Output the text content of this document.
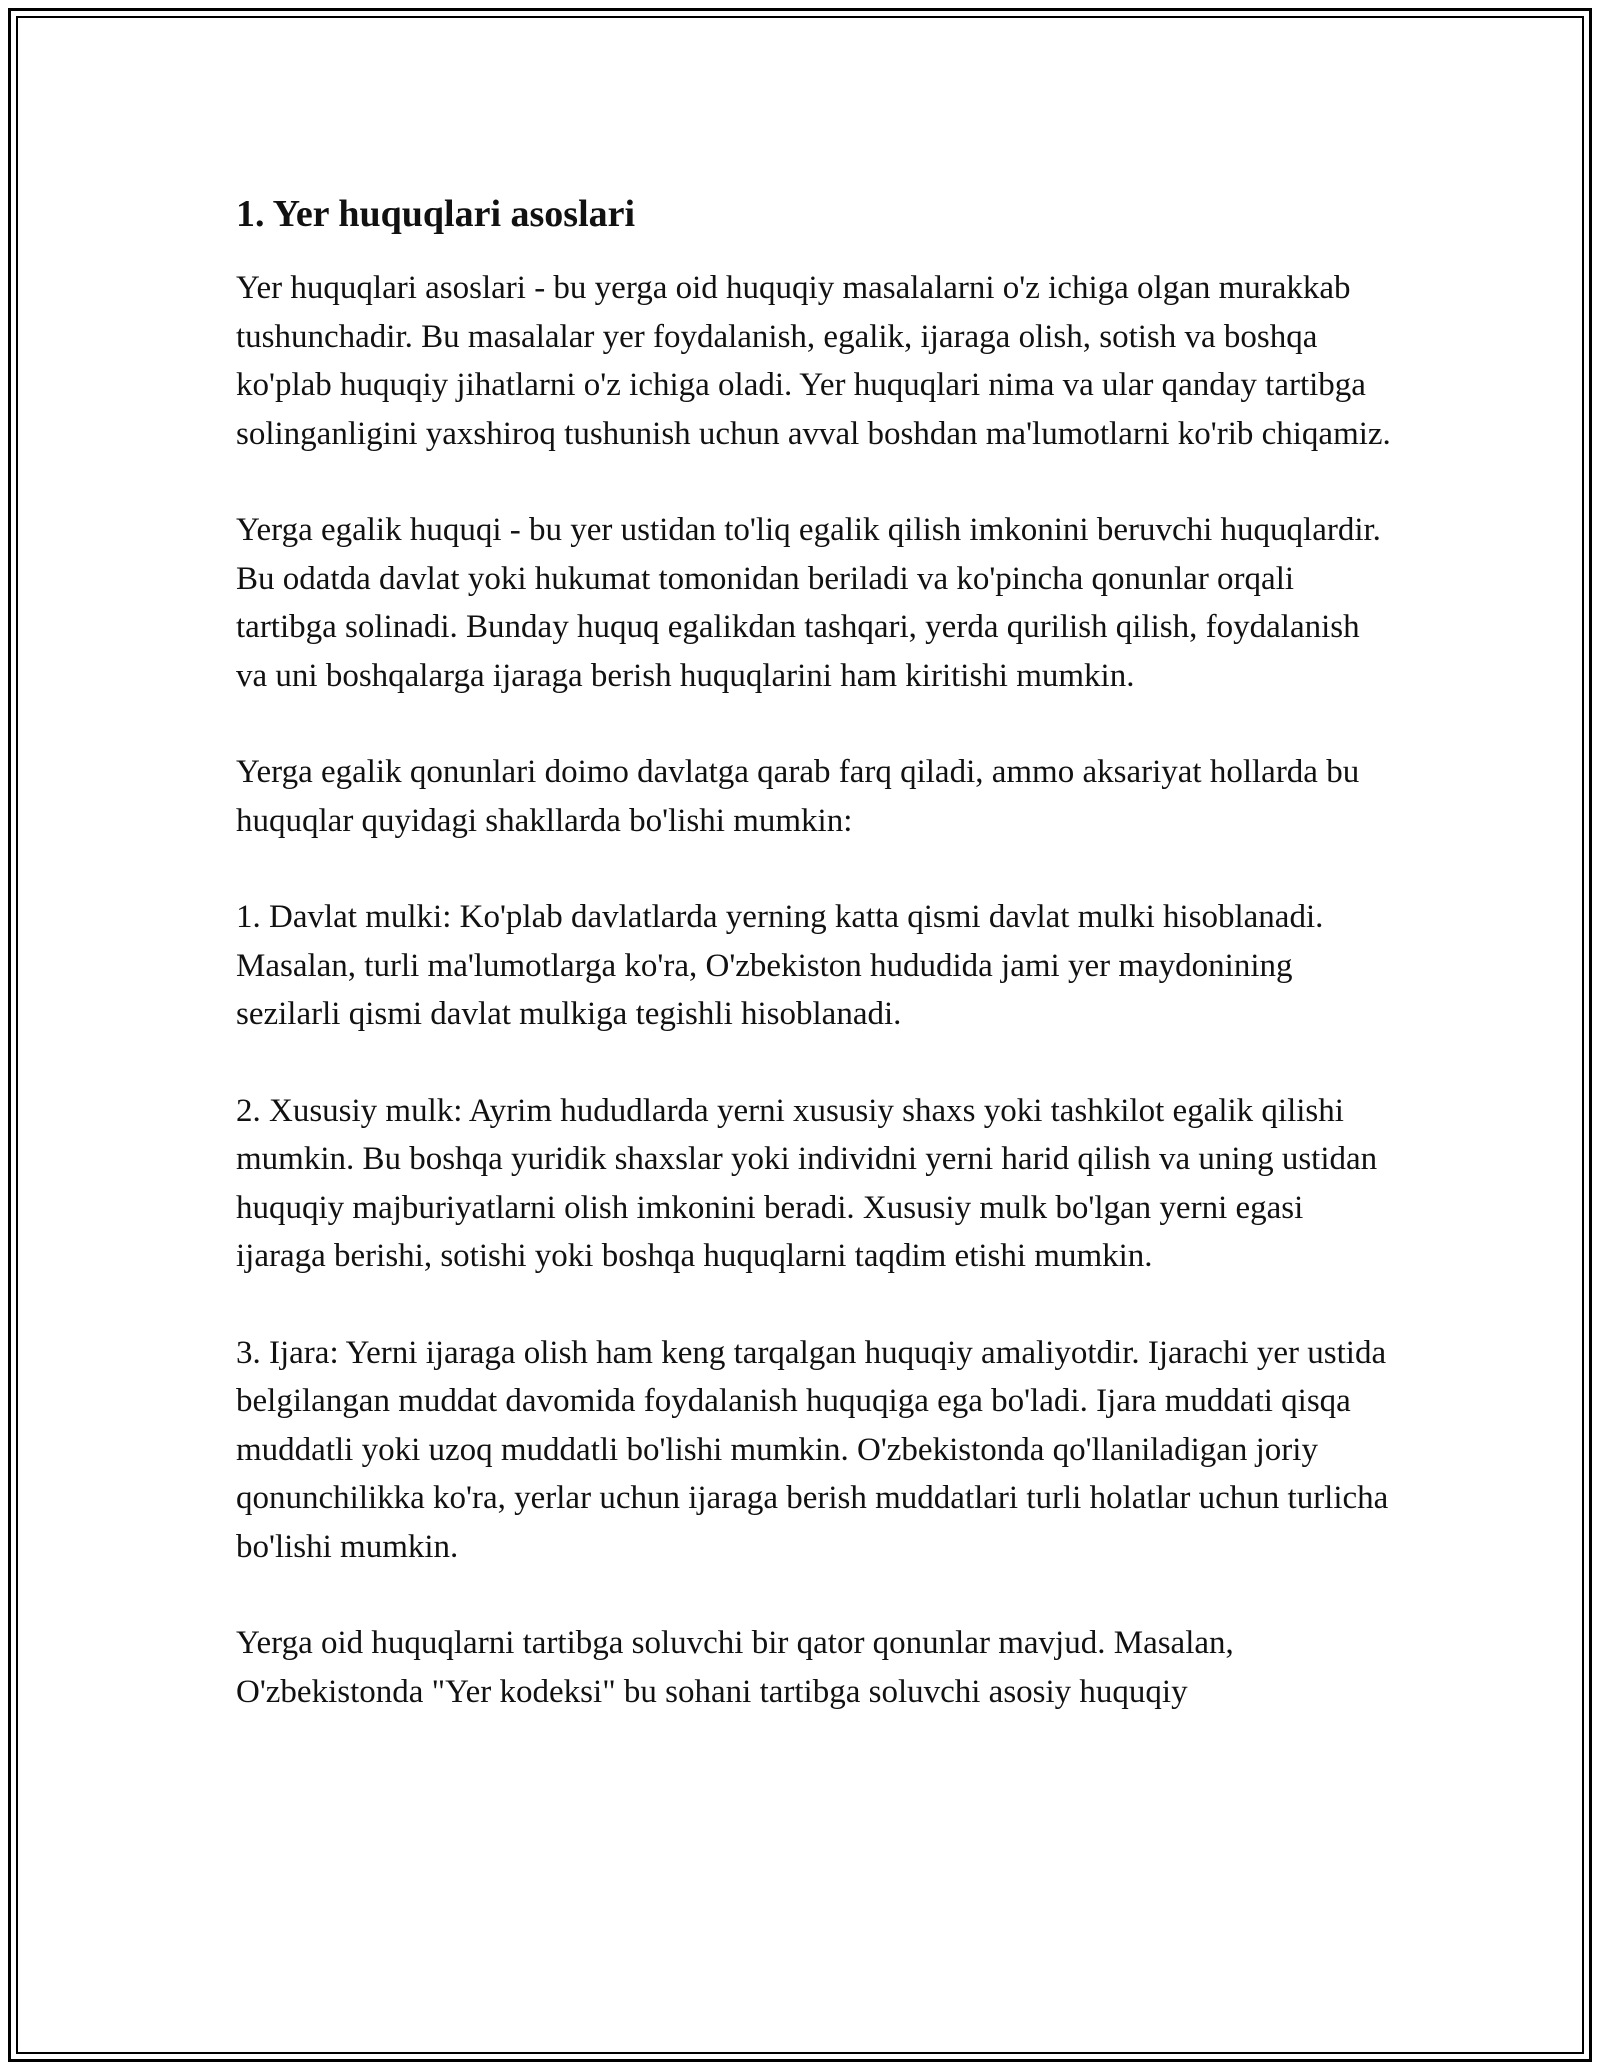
1. Yer huquqlari asoslari

Yer huquqlari asoslari - bu yerga oid huquqiy masalalarni o'z ichiga olgan murakkab tushunchadir. Bu masalalar yer foydalanish, egalik, ijaraga olish, sotish va boshqa ko'plab huquqiy jihatlarni o'z ichiga oladi. Yer huquqlari nima va ular qanday tartibga solinganligini yaxshiroq tushunish uchun avval boshdan ma'lumotlarni ko'rib chiqamiz.

Yerga egalik huquqi - bu yer ustidan to'liq egalik qilish imkonini beruvchi huquqlardir. Bu odatda davlat yoki hukumat tomonidan beriladi va ko'pincha qonunlar orqali tartibga solinadi. Bunday huquq egalikdan tashqari, yerda qurilish qilish, foydalanish va uni boshqalarga ijaraga berish huquqlarini ham kiritishi mumkin.

Yerga egalik qonunlari doimo davlatga qarab farq qiladi, ammo aksariyat hollarda bu huquqlar quyidagi shakllarda bo'lishi mumkin:

1. Davlat mulki: Ko'plab davlatlarda yerning katta qismi davlat mulki hisoblanadi. Masalan, turli ma'lumotlarga ko'ra, O'zbekiston hududida jami yer maydonining sezilarli qismi davlat mulkiga tegishli hisoblanadi.

2. Xususiy mulk: Ayrim hududlarda yerni xususiy shaxs yoki tashkilot egalik qilishi mumkin. Bu boshqa yuridik shaxslar yoki individni yerni harid qilish va uning ustidan huquqiy majburiyatlarni olish imkonini beradi. Xususiy mulk bo'lgan yerni egasi ijaraga berishi, sotishi yoki boshqa huquqlarni taqdim etishi mumkin.

3. Ijara: Yerni ijaraga olish ham keng tarqalgan huquqiy amaliyotdir. Ijarachi yer ustida belgilangan muddat davomida foydalanish huquqiga ega bo'ladi. Ijara muddati qisqa muddatli yoki uzoq muddatli bo'lishi mumkin. O'zbekistonda qo'llaniladigan joriy qonunchilikka ko'ra, yerlar uchun ijaraga berish muddatlari turli holatlar uchun turlicha bo'lishi mumkin.

Yerga oid huquqlarni tartibga soluvchi bir qator qonunlar mavjud. Masalan, O'zbekistonda "Yer kodeksi" bu sohani tartibga soluvchi asosiy huquqiy
